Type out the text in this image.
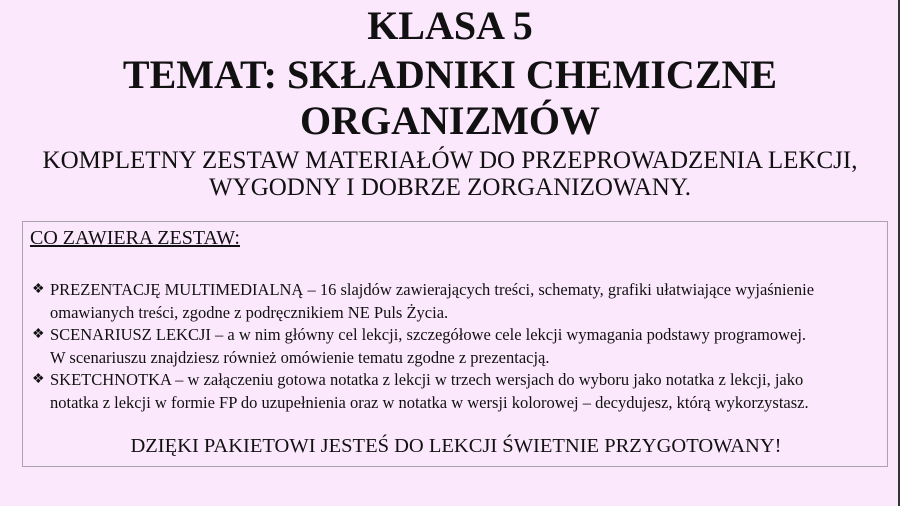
KLASA 5
TEMAT: SKŁADNIKI CHEMICZNE
ORGANIZMÓW
KOMPLETNY ZESTAW MATERIAŁÓW DO PRZEPROWADZENIA LEKCJI,
WYGODNY I DOBRZE ZORGANIZOWANY.
CO ZAWIERA ZESTAW:
❖ PREZENTACJĘ MULTIMEDIALNĄ – 16 slajdów zawierających treści, schematy, grafiki ułatwiające wyjaśnienie
omawianych treści, zgodne z podręcznikiem NE Puls Życia.
❖ SCENARIUSZ LEKCJI – a w nim główny cel lekcji, szczegółowe cele lekcji wymagania podstawy programowej.
W scenariuszu znajdziesz również omówienie tematu zgodne z prezentacją.
❖ SKETCHNOTKA – w załączeniu gotowa notatka z lekcji w trzech wersjach do wyboru jako notatka z lekcji, jako
notatka z lekcji w formie FP do uzupełnienia oraz w notatka w wersji kolorowej – decydujesz, którą wykorzystasz.
DZIĘKI PAKIETOWI JESTEŚ DO LEKCJI ŚWIETNIE PRZYGOTOWANY!
